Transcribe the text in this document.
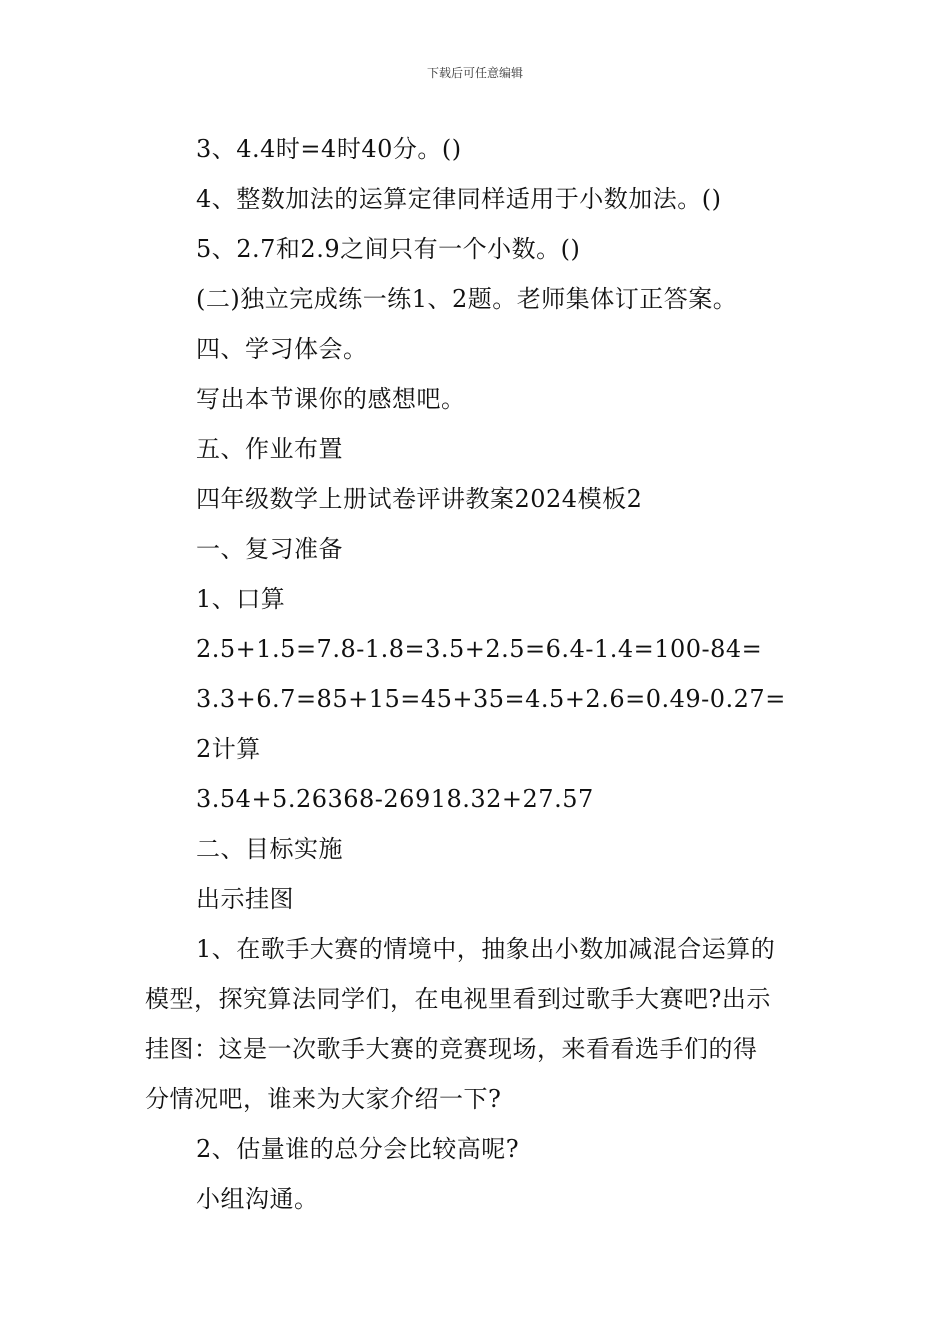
下载后可任意编辑
3、4.4时=4时40分。()
4、整数加法的运算定律同样适用于小数加法。()
5、2.7和2.9之间只有一个小数。()
(二)独立完成练一练1、2题。老师集体订正答案。
四、学习体会。
写出本节课你的感想吧。
五、作业布置
四年级数学上册试卷评讲教案2024模板2
一、复习准备
1、口算
2.5+1.5=7.8-1.8=3.5+2.5=6.4-1.4=100-84=
3.3+6.7=85+15=45+35=4.5+2.6=0.49-0.27=
2计算
3.54+5.26368-26918.32+27.57
二、目标实施
出示挂图
1、在歌手大赛的情境中，抽象出小数加减混合运算的
模型，探究算法同学们，在电视里看到过歌手大赛吧?出示
挂图：这是一次歌手大赛的竞赛现场，来看看选手们的得
分情况吧，谁来为大家介绍一下?
2、估量谁的总分会比较高呢?
小组沟通。
